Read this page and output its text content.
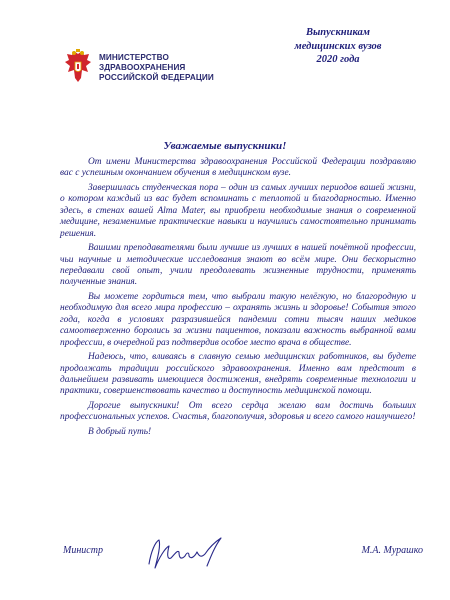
МИНИСТЕРСТВО
ЗДРАВООХРАНЕНИЯ
РОССИЙСКОЙ ФЕДЕРАЦИИ
Выпускникам
медицинских вузов
2020 года
Уважаемые выпускники!

От имени Министерства здравоохранения Российской Федерации поздравляю вас с успешным окончанием обучения в медицинском вузе.

Завершилась студенческая пора – один из самых лучших периодов вашей жизни, о котором каждый из вас будет вспоминать с теплотой и благодарностью. Именно здесь, в стенах вашей Alma Mater, вы приобрели необходимые знания о современной медицине, незаменимые практические навыки и научились самостоятельно принимать решения.

Вашими преподавателями были лучшие из лучших в нашей почётной профессии, чьи научные и методические исследования знают во всём мире. Они бескорыстно передавали свой опыт, учили преодолевать жизненные трудности, применять полученные знания.

Вы можете гордиться тем, что выбрали такую нелёгкую, но благородную и необходимую для всего мира профессию – охранять жизнь и здоровье! События этого года, когда в условиях разразившейся пандемии сотни тысяч наших медиков самоотверженно боролись за жизни пациентов, показали важность выбранной вами профессии, в очередной раз подтвердив особое место врача в обществе.

Надеюсь, что, вливаясь в славную семью медицинских работников, вы будете продолжать традиции российского здравоохранения. Именно вам предстоит в дальнейшем развивать имеющиеся достижения, внедрять современные технологии и практики, совершенствовать качество и доступность медицинской помощи.

Дорогие выпускники! От всего сердца желаю вам достичь больших профессиональных успехов. Счастья, благополучия, здоровья и всего самого наилучшего!

В добрый путь!

Министр	М.А. Мурашко
